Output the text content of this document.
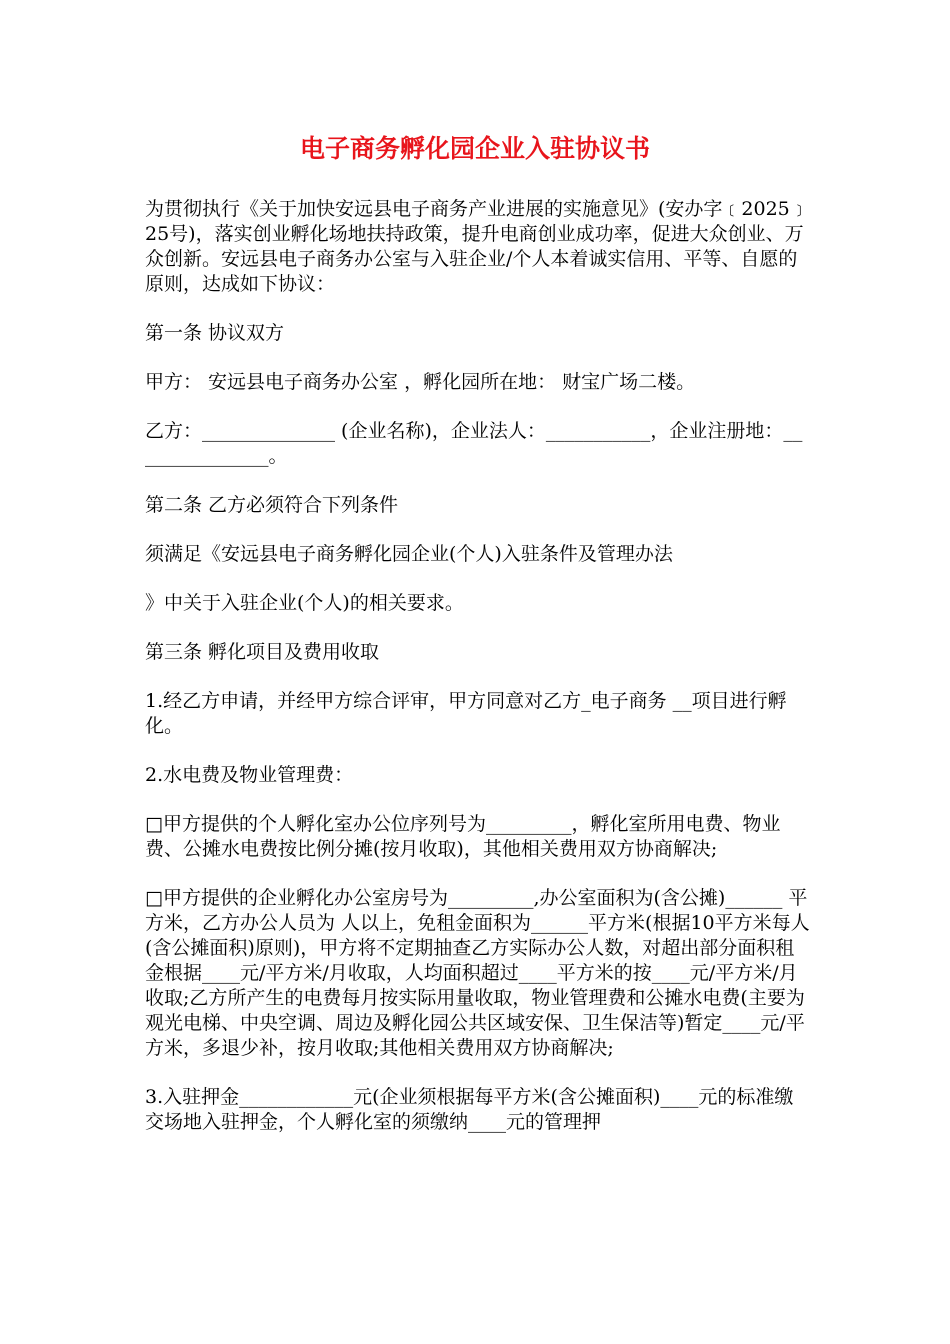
电子商务孵化园企业入驻协议书

为贯彻执行《关于加快安远县电子商务产业进展的实施意见》(安办字﹝2025﹞25号)，落实创业孵化场地扶持政策，提升电商创业成功率，促进大众创业、万众创新。安远县电子商务办公室与入驻企业/个人本着诚实信用、平等、自愿的原则，达成如下协议：

第一条 协议双方

甲方： 安远县电子商务办公室 ，孵化园所在地： 财宝广场二楼。

乙方：______________ (企业名称)，企业法人：___________，企业注册地：_______________。

第二条 乙方必须符合下列条件

须满足《安远县电子商务孵化园企业(个人)入驻条件及管理办法

》中关于入驻企业(个人)的相关要求。

第三条 孵化项目及费用收取

1.经乙方申请，并经甲方综合评审，甲方同意对乙方_电子商务 __项目进行孵化。

2.水电费及物业管理费：

□甲方提供的个人孵化室办公位序列号为_________，孵化室所用电费、物业费、公摊水电费按比例分摊(按月收取)，其他相关费用双方协商解决;

□甲方提供的企业孵化办公室房号为_________,办公室面积为(含公摊)______ 平方米，乙方办公人员为 人以上，免租金面积为______平方米(根据10平方米每人(含公摊面积)原则)，甲方将不定期抽查乙方实际办公人数，对超出部分面积租金根据____元/平方米/月收取，人均面积超过____平方米的按____元/平方米/月收取;乙方所产生的电费每月按实际用量收取，物业管理费和公摊水电费(主要为观光电梯、中央空调、周边及孵化园公共区域安保、卫生保洁等)暂定____元/平方米，多退少补，按月收取;其他相关费用双方协商解决;

3.入驻押金____________元(企业须根据每平方米(含公摊面积)____元的标准缴交场地入驻押金，个人孵化室的须缴纳____元的管理押
